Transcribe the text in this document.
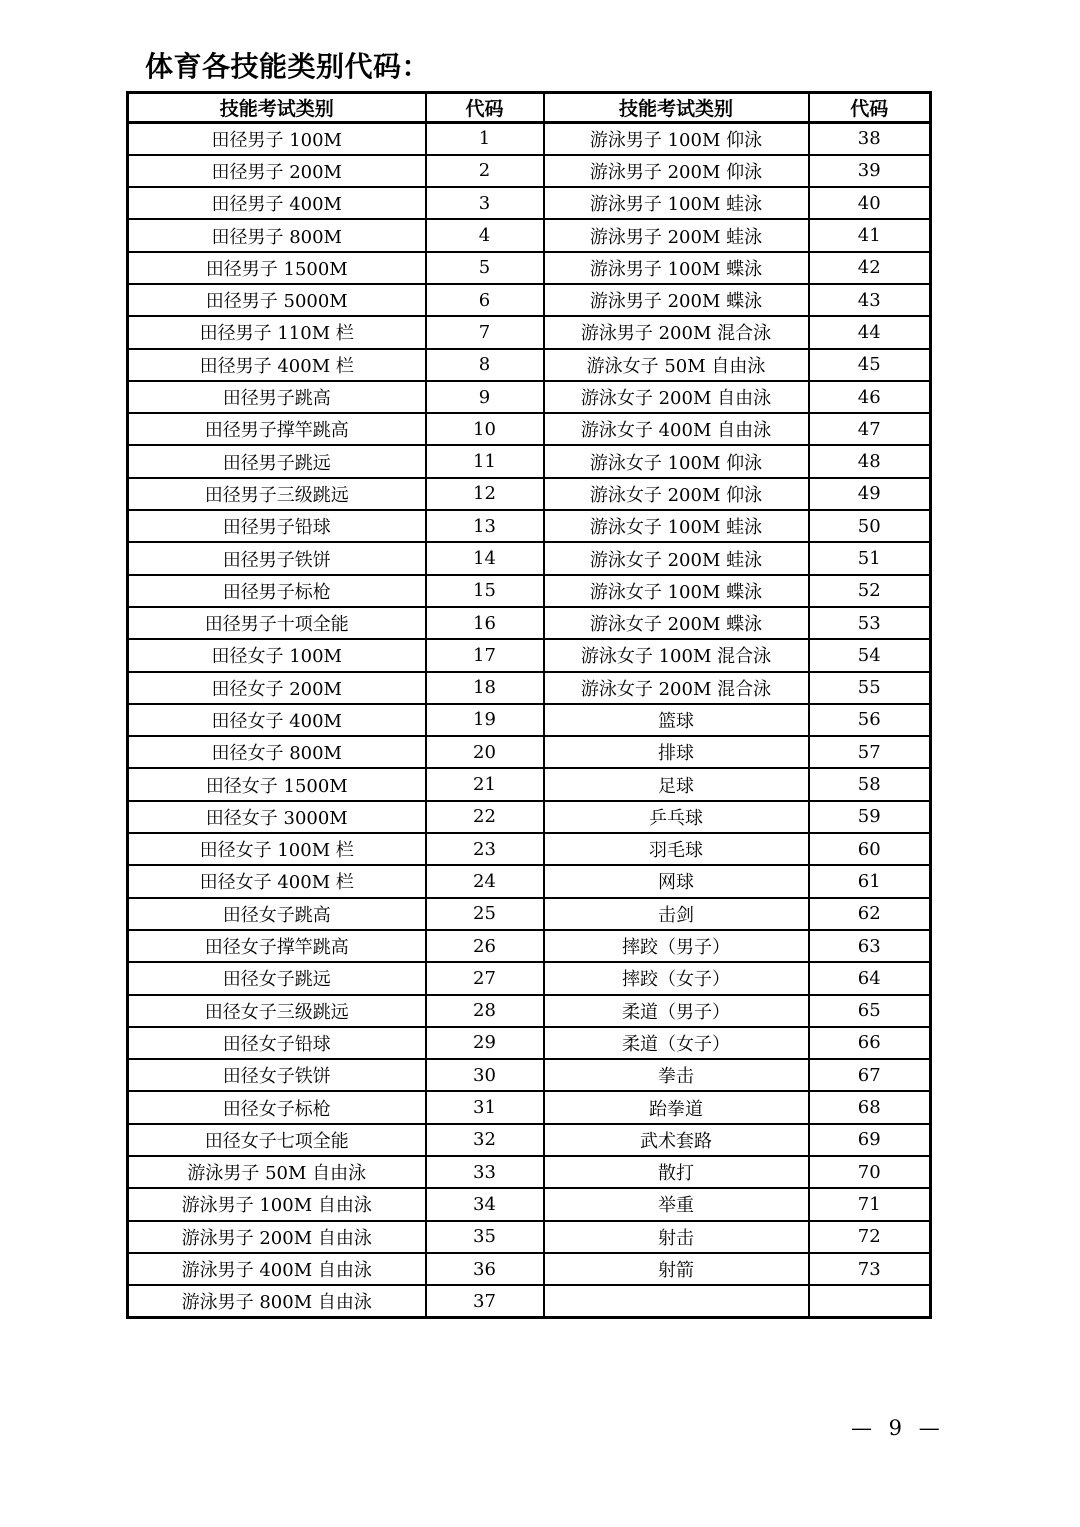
体育各技能类别代码：
技能考试类别	代码	技能考试类别	代码
田径男子 100M	1	游泳男子 100M 仰泳	38
田径男子 200M	2	游泳男子 200M 仰泳	39
田径男子 400M	3	游泳男子 100M 蛙泳	40
田径男子 800M	4	游泳男子 200M 蛙泳	41
田径男子 1500M	5	游泳男子 100M 蝶泳	42
田径男子 5000M	6	游泳男子 200M 蝶泳	43
田径男子 110M 栏	7	游泳男子 200M 混合泳	44
田径男子 400M 栏	8	游泳女子 50M 自由泳	45
田径男子跳高	9	游泳女子 200M 自由泳	46
田径男子撑竿跳高	10	游泳女子 400M 自由泳	47
田径男子跳远	11	游泳女子 100M 仰泳	48
田径男子三级跳远	12	游泳女子 200M 仰泳	49
田径男子铅球	13	游泳女子 100M 蛙泳	50
田径男子铁饼	14	游泳女子 200M 蛙泳	51
田径男子标枪	15	游泳女子 100M 蝶泳	52
田径男子十项全能	16	游泳女子 200M 蝶泳	53
田径女子 100M	17	游泳女子 100M 混合泳	54
田径女子 200M	18	游泳女子 200M 混合泳	55
田径女子 400M	19	篮球	56
田径女子 800M	20	排球	57
田径女子 1500M	21	足球	58
田径女子 3000M	22	乒乓球	59
田径女子 100M 栏	23	羽毛球	60
田径女子 400M 栏	24	网球	61
田径女子跳高	25	击剑	62
田径女子撑竿跳高	26	摔跤（男子）	63
田径女子跳远	27	摔跤（女子）	64
田径女子三级跳远	28	柔道（男子）	65
田径女子铅球	29	柔道（女子）	66
田径女子铁饼	30	拳击	67
田径女子标枪	31	跆拳道	68
田径女子七项全能	32	武术套路	69
游泳男子 50M 自由泳	33	散打	70
游泳男子 100M 自由泳	34	举重	71
游泳男子 200M 自由泳	35	射击	72
游泳男子 400M 自由泳	36	射箭	73
游泳男子 800M 自由泳	37		
— 9 —
